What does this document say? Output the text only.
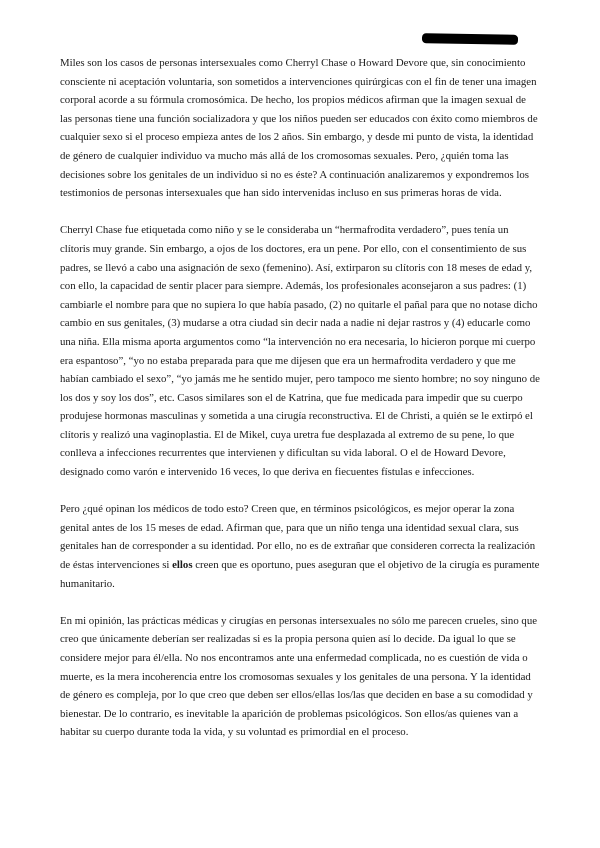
Miles son los casos de personas intersexuales como Cherryl Chase o Howard Devore que, sin conocimiento consciente ni aceptación voluntaria, son sometidos a intervenciones quirúrgicas con el fin de tener una imagen corporal acorde a su fórmula cromosómica. De hecho, los propios médicos afirman que la imagen sexual de las personas tiene una función socializadora y que los niños pueden ser educados con éxito como miembros de cualquier sexo si el proceso empieza antes de los 2 años. Sin embargo, y desde mi punto de vista, la identidad de género de cualquier individuo va mucho más allá de los cromosomas sexuales. Pero, ¿quién toma las decisiones sobre los genitales de un individuo si no es éste? A continuación analizaremos y expondremos los testimonios de personas intersexuales que han sido intervenidas incluso en sus primeras horas de vida.

Cherryl Chase fue etiquetada como niño y se le consideraba un “hermafrodita verdadero”, pues tenía un clítoris muy grande. Sin embargo, a ojos de los doctores, era un pene. Por ello, con el consentimiento de sus padres, se llevó a cabo una asignación de sexo (femenino). Así, extirparon su clítoris con 18 meses de edad y, con ello, la capacidad de sentir placer para siempre. Además, los profesionales aconsejaron a sus padres: (1) cambiarle el nombre para que no supiera lo que había pasado, (2) no quitarle el pañal para que no notase dicho cambio en sus genitales, (3) mudarse a otra ciudad sin decir nada a nadie ni dejar rastros y (4) educarle como una niña. Ella misma aporta argumentos como “la intervención no era necesaria, lo hicieron porque mi cuerpo era espantoso”, “yo no estaba preparada para que me dijesen que era un hermafrodita verdadero y que me habían cambiado el sexo”, “yo jamás me he sentido mujer, pero tampoco me siento hombre; no soy ninguno de los dos y soy los dos”, etc. Casos similares son el de Katrina, que fue medicada para impedir que su cuerpo produjese hormonas masculinas y sometida a una cirugía reconstructiva. El de Christi, a quién se le extirpó el clítoris y realizó una vaginoplastia. El de Mikel, cuya uretra fue desplazada al extremo de su pene, lo que conlleva a infecciones recurrentes que intervienen y dificultan su vida laboral. O el de Howard Devore, designado como varón e intervenido 16 veces, lo que deriva en fiecuentes fístulas e infecciones.

Pero ¿qué opinan los médicos de todo esto? Creen que, en términos psicológicos, es mejor operar la zona genital antes de los 15 meses de edad. Afirman que, para que un niño tenga una identidad sexual clara, sus genitales han de corresponder a su identidad. Por ello, no es de extrañar que consideren correcta la realización de éstas intervenciones si ellos creen que es oportuno, pues aseguran que el objetivo de la cirugía es puramente humanitario.

En mi opinión, las prácticas médicas y cirugías en personas intersexuales no sólo me parecen crueles, sino que creo que únicamente deberían ser realizadas si es la propia persona quien así lo decide. Da igual lo que se considere mejor para él/ella. No nos encontramos ante una enfermedad complicada, no es cuestión de vida o muerte, es la mera incoherencia entre los cromosomas sexuales y los genitales de una persona. Y la identidad de género es compleja, por lo que creo que deben ser ellos/ellas los/las que deciden en base a su comodidad y bienestar. De lo contrario, es inevitable la aparición de problemas psicológicos. Son ellos/as quienes van a habitar su cuerpo durante toda la vida, y su voluntad es primordial en el proceso.
